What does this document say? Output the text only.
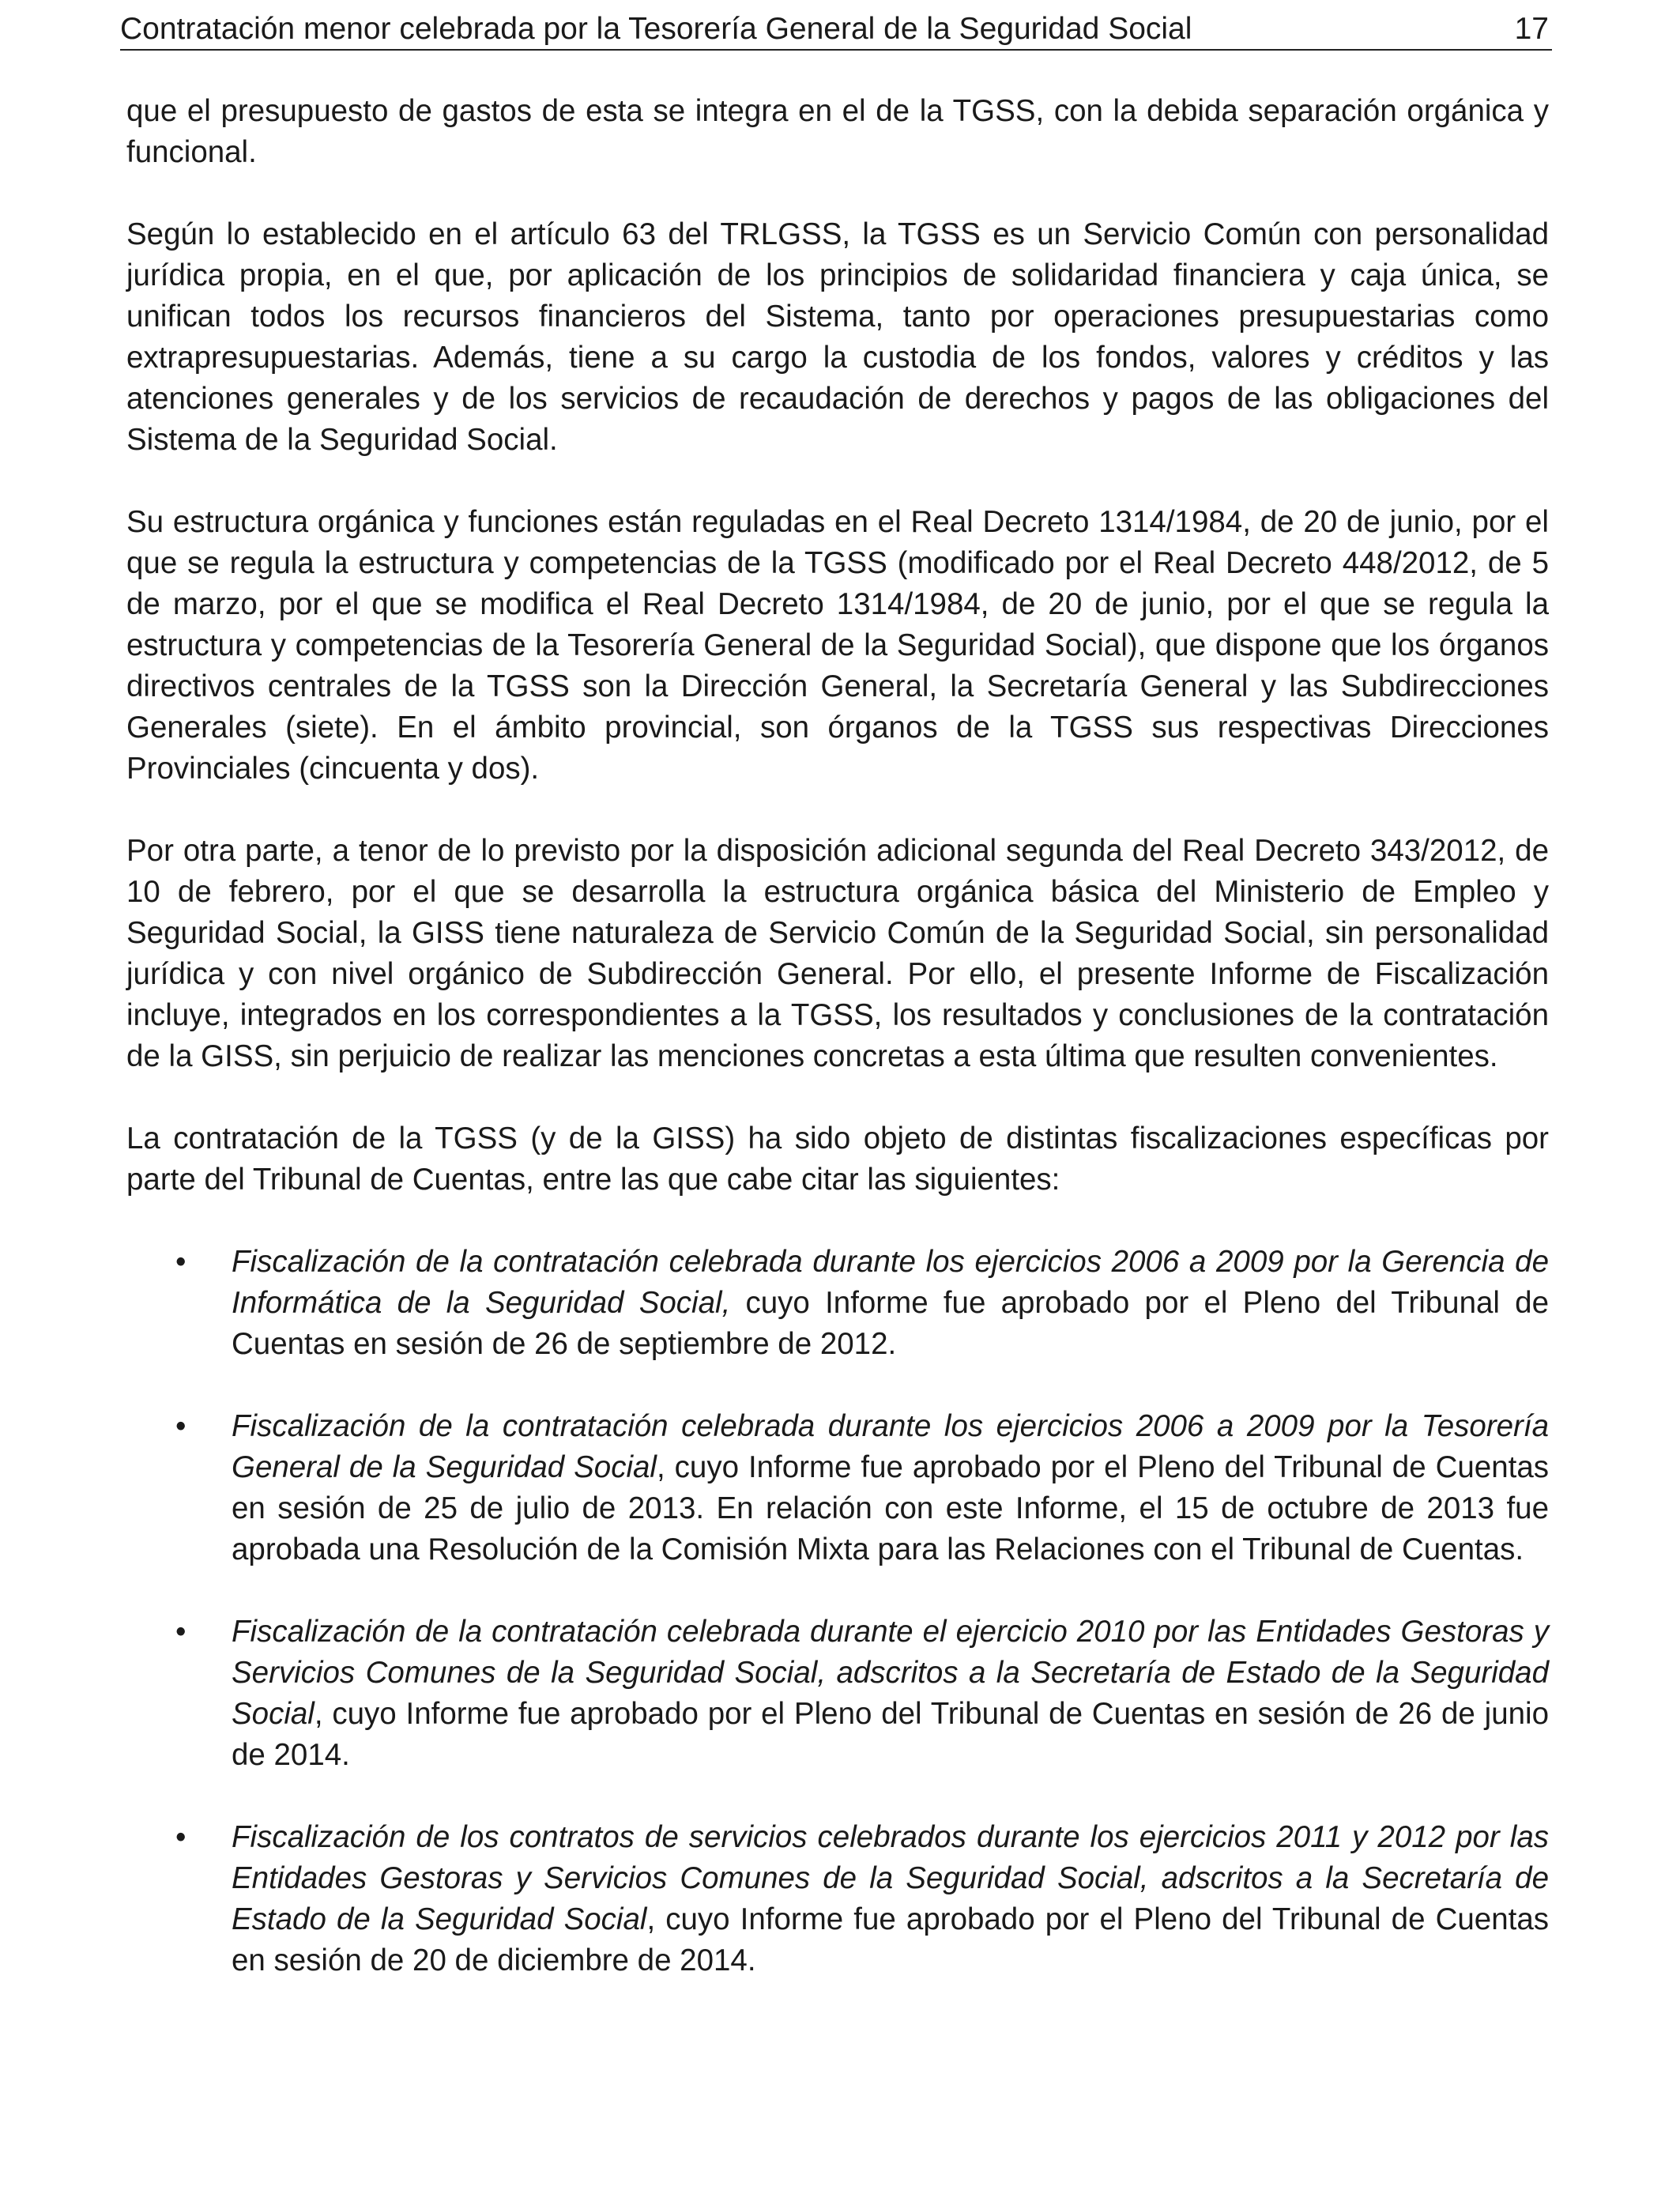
Contratación menor celebrada por la Tesorería General de la Seguridad Social	17

que el presupuesto de gastos de esta se integra en el de la TGSS, con la debida separación orgánica y funcional.

Según lo establecido en el artículo 63 del TRLGSS, la TGSS es un Servicio Común con personalidad jurídica propia, en el que, por aplicación de los principios de solidaridad financiera y caja única, se unifican todos los recursos financieros del Sistema, tanto por operaciones presupuestarias como extrapresupuestarias. Además, tiene a su cargo la custodia de los fondos, valores y créditos y las atenciones generales y de los servicios de recaudación de derechos y pagos de las obligaciones del Sistema de la Seguridad Social.

Su estructura orgánica y funciones están reguladas en el Real Decreto 1314/1984, de 20 de junio, por el que se regula la estructura y competencias de la TGSS (modificado por el Real Decreto 448/2012, de 5 de marzo, por el que se modifica el Real Decreto 1314/1984, de 20 de junio, por el que se regula la estructura y competencias de la Tesorería General de la Seguridad Social), que dispone que los órganos directivos centrales de la TGSS son la Dirección General, la Secretaría General y las Subdirecciones Generales (siete). En el ámbito provincial, son órganos de la TGSS sus respectivas Direcciones Provinciales (cincuenta y dos).

Por otra parte, a tenor de lo previsto por la disposición adicional segunda del Real Decreto 343/2012, de 10 de febrero, por el que se desarrolla la estructura orgánica básica del Ministerio de Empleo y Seguridad Social, la GISS tiene naturaleza de Servicio Común de la Seguridad Social, sin personalidad jurídica y con nivel orgánico de Subdirección General. Por ello, el presente Informe de Fiscalización incluye, integrados en los correspondientes a la TGSS, los resultados y conclusiones de la contratación de la GISS, sin perjuicio de realizar las menciones concretas a esta última que resulten convenientes.

La contratación de la TGSS (y de la GISS) ha sido objeto de distintas fiscalizaciones específicas por parte del Tribunal de Cuentas, entre las que cabe citar las siguientes:

•	Fiscalización de la contratación celebrada durante los ejercicios 2006 a 2009 por la Gerencia de Informática de la Seguridad Social, cuyo Informe fue aprobado por el Pleno del Tribunal de Cuentas en sesión de 26 de septiembre de 2012.
•	Fiscalización de la contratación celebrada durante los ejercicios 2006 a 2009 por la Tesorería General de la Seguridad Social, cuyo Informe fue aprobado por el Pleno del Tribunal de Cuentas en sesión de 25 de julio de 2013. En relación con este Informe, el 15 de octubre de 2013 fue aprobada una Resolución de la Comisión Mixta para las Relaciones con el Tribunal de Cuentas.
•	Fiscalización de la contratación celebrada durante el ejercicio 2010 por las Entidades Gestoras y Servicios Comunes de la Seguridad Social, adscritos a la Secretaría de Estado de la Seguridad Social, cuyo Informe fue aprobado por el Pleno del Tribunal de Cuentas en sesión de 26 de junio de 2014.
•	Fiscalización de los contratos de servicios celebrados durante los ejercicios 2011 y 2012 por las Entidades Gestoras y Servicios Comunes de la Seguridad Social, adscritos a la Secretaría de Estado de la Seguridad Social, cuyo Informe fue aprobado por el Pleno del Tribunal de Cuentas en sesión de 20 de diciembre de 2014.
